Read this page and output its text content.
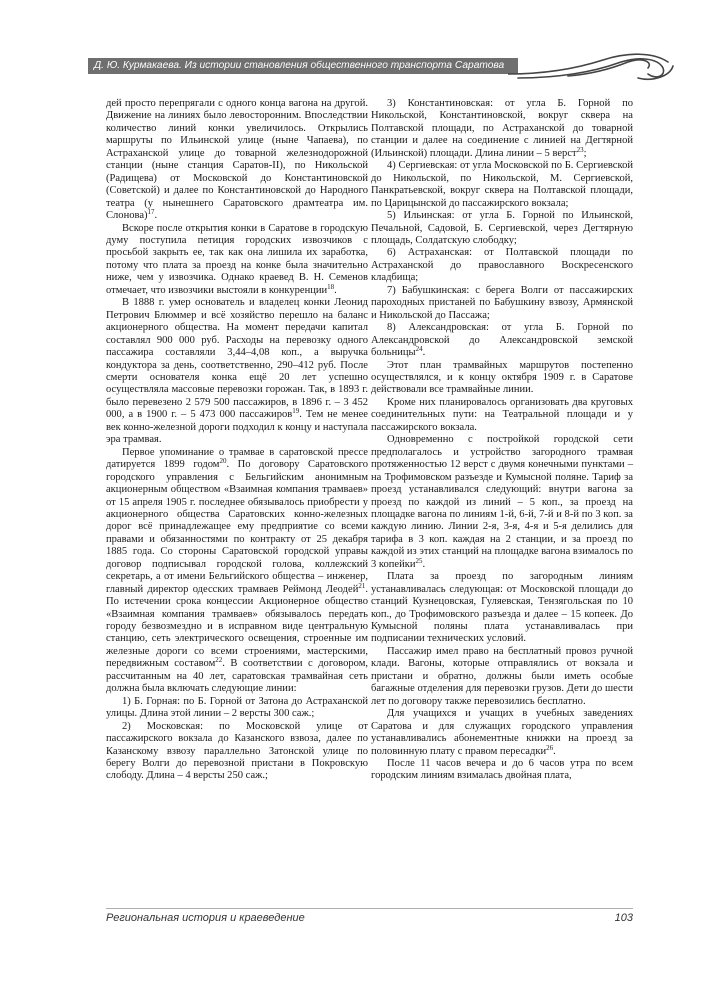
Д. Ю. Курмакаева. Из истории становления общественного транспорта Саратова

дей просто перепрягали с одного конца вагона на другой. Движение на линиях было левосторонним. Впоследствии количество линий конки увеличилось. Открылись маршруты по Ильинской улице (ныне Чапаева), по Астраханской улице до товарной железнодорожной станции (ныне станция Саратов-II), по Никольской (Радищева) от Московской до Константиновской (Советской) и далее по Константиновской до Народного театра (у нынешнего Саратовского драмтеатра им. Слонова)$^{17}$.

Вскоре после открытия конки в Саратове в городскую думу поступила петиция городских извозчиков с просьбой закрыть ее, так как она лишила их заработка, потому что плата за проезд на конке была значительно ниже, чем у извозчика. Однако краевед В. Н. Семенов отмечает, что извозчики выстояли в конкуренции$^{18}$.

В 1888 г. умер основатель и владелец конки Леонид Петрович Блюммер и всё хозяйство перешло на баланс акционерного общества. На момент передачи капитал составлял 900 000 руб. Расходы на перевозку одного пассажира составляли 3,44–4,08 коп., а выручка кондуктора за день, соответственно, 290–412 руб. После смерти основателя конка ещё 20 лет успешно осуществляла массовые перевозки горожан. Так, в 1893 г. было перевезено 2 579 500 пассажиров, в 1896 г. – 3 452 000, а в 1900 г. – 5 473 000 пассажиров$^{19}$. Тем не менее век конно-железной дороги подходил к концу и наступала эра трамвая.

Первое упоминание о трамвае в саратовской прессе датируется 1899 годом$^{20}$. По договору Саратовского городского управления с Бельгийским анонимным акционерным обществом «Взаимная компания трамваев» от 15 апреля 1905 г. последнее обязывалось приобрести у акционерного общества Саратовских конно-железных дорог всё принадлежащее ему предприятие со всеми правами и обязанностями по контракту от 25 декабря 1885 года. Со стороны Саратовской городской управы договор подписывал городской голова, коллежский секретарь, а от имени Бельгийского общества – инженер, главный директор одесских трамваев Реймонд Леодей$^{21}$. По истечении срока концессии Акционерное общество «Взаимная компания трамваев» обязывалось передать городу безвозмездно и в исправном виде центральную станцию, сеть электрического освещения, строенные им железные дороги со всеми строениями, мастерскими, передвижным составом$^{22}$. В соответствии с договором, рассчитанным на 40 лет, саратовская трамвайная сеть должна была включать следующие линии:

1) Б. Горная: по Б. Горной от Затона до Астраханской улицы. Длина этой линии – 2 версты 300 саж.;

2) Московская: по Московской улице от пассажирского вокзала до Казанского взвоза, далее по Казанскому взвозу параллельно Затонской улице по берегу Волги до перевозной пристани в Покровскую слободу. Длина – 4 версты 250 саж.;

3) Константиновская: от угла Б. Горной по Никольской, Константиновской, вокруг сквера на Полтавской площади, по Астраханской до товарной станции и далее на соединение с линией на Дегтярной (Ильинской) площади. Длина линии – 5 верст$^{23}$;

4) Сергиевская: от угла Московской по Б. Сергиевской до Никольской, по Никольской, М. Сергиевской, Панкратьевской, вокруг сквера на Полтавской площади, по Царицынской до пассажирского вокзала;

5) Ильинская: от угла Б. Горной по Ильинской, Печальной, Садовой, Б. Сергиевской, через Дегтярную площадь, Солдатскую слободку;

6) Астраханская: от Полтавской площади по Астраханской до православного Воскресенского кладбища;

7) Бабушкинская: с берега Волги от пассажирских пароходных пристаней по Бабушкину взвозу, Армянской и Никольской до Пассажа;

8) Александровская: от угла Б. Горной по Александровской до Александровской земской больницы$^{24}$.

Этот план трамвайных маршрутов постепенно осуществлялся, и к концу октября 1909 г. в Саратове действовали все трамвайные линии.

Кроме них планировалось организовать два круговых соединительных пути: на Театральной площади и у пассажирского вокзала.

Одновременно с постройкой городской сети предполагалось и устройство загородного трамвая протяженностью 12 верст с двумя конечными пунктами – на Трофимовском разъезде и Кумысной поляне. Тариф за проезд устанавливался следующий: внутри вагона за проезд по каждой из линий – 5 коп., за проезд на площадке вагона по линиям 1-й, 6-й, 7-й и 8-й по 3 коп. за каждую линию. Линии 2-я, 3-я, 4-я и 5-я делились для тарифа в 3 коп. каждая на 2 станции, и за проезд по каждой из этих станций на площадке вагона взималось по 3 копейки$^{25}$.

Плата за проезд по загородным линиям устанавливалась следующая: от Московской площади до станций Кузнецовская, Гуляевская, Тензягольская по 10 коп., до Трофимовского разъезда и далее – 15 копеек. До Кумысной поляны плата устанавливалась при подписании технических условий.

Пассажир имел право на бесплатный провоз ручной клади. Вагоны, которые отправлялись от вокзала и пристани и обратно, должны были иметь особые багажные отделения для перевозки грузов. Дети до шести лет по договору также перевозились бесплатно.

Для учащихся и учащих в учебных заведениях Саратова и для служащих городского управления устанавливались абонементные книжки на проезд за половинную плату с правом пересадки$^{26}$.

После 11 часов вечера и до 6 часов утра по всем городским линиям взималась двойная плата,

Региональная история и краеведение	103
